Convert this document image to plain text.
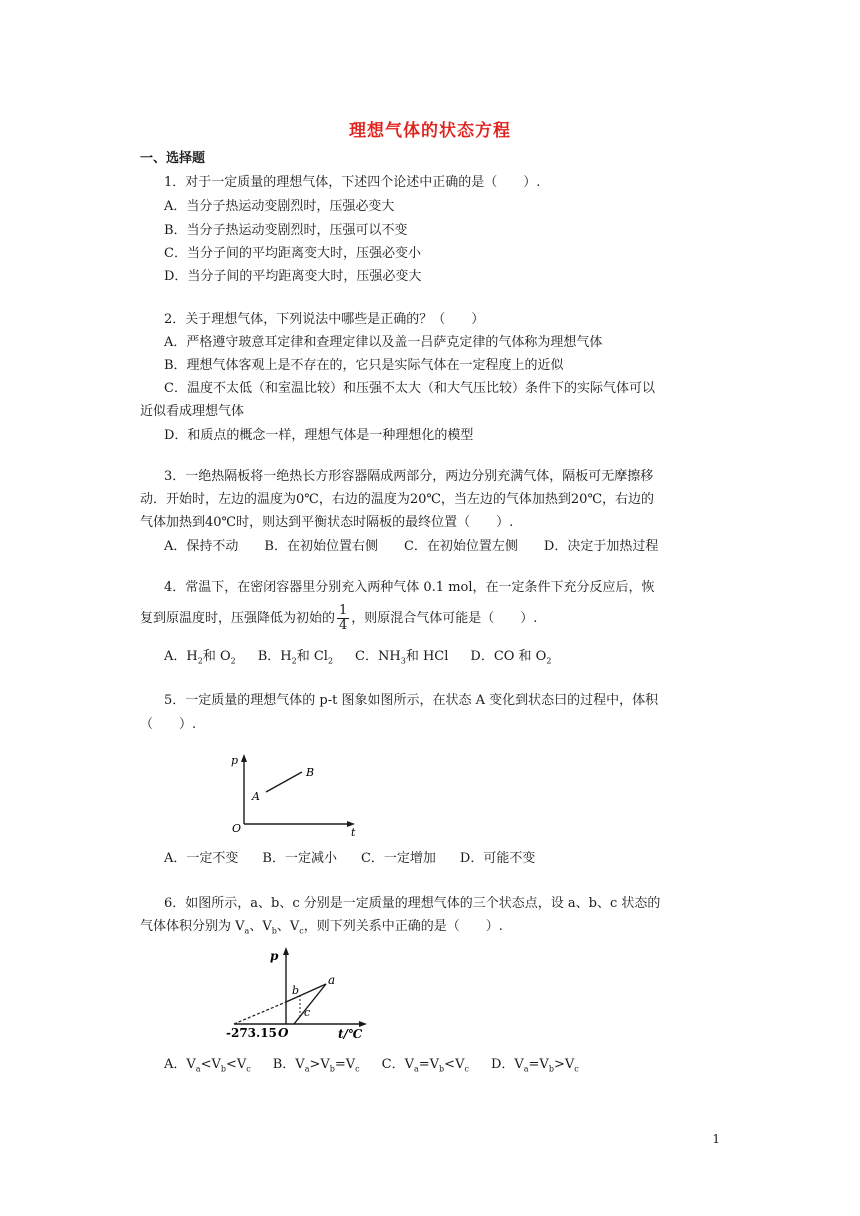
理想气体的状态方程
一、选择题
1．对于一定质量的理想气体，下述四个论述中正确的是（　　）.
A．当分子热运动变剧烈时，压强必变大
B．当分子热运动变剧烈时，压强可以不变
C．当分子间的平均距离变大时，压强必变小
D．当分子间的平均距离变大时，压强必变大
2．关于理想气体，下列说法中哪些是正确的？（　　）
A．严格遵守玻意耳定律和查理定律以及盖一吕萨克定律的气体称为理想气体
B．理想气体客观上是不存在的，它只是实际气体在一定程度上的近似
C．温度不太低（和室温比较）和压强不太大（和大气压比较）条件下的实际气体可以
近似看成理想气体
D．和质点的概念一样，理想气体是一种理想化的模型
3．一绝热隔板将一绝热长方形容器隔成两部分，两边分别充满气体，隔板可无摩擦移
动．开始时，左边的温度为0℃，右边的温度为20℃，当左边的气体加热到20℃，右边的
气体加热到40℃时，则达到平衡状态时隔板的最终位置（　　）.
A．保持不动 B．在初始位置右侧 C．在初始位置左侧 D．决定于加热过程
4．常温下，在密闭容器里分别充入两种气体 0.1 mol，在一定条件下充分反应后，恢
复到原温度时，压强降低为初始的 $\frac{1}{4}$ ，则原混合气体可能是（　　）.
A．$H_2$和 $O_2$ B．$H_2$和 $Cl_2$ C．$NH_3$和 HCl D．CO 和 $O_2$
5．一定质量的理想气体的 p-t 图象如图所示，在状态 A 变化到状态曰的过程中，体积
（　　）.
p
O	t
A
B
A．一定不变 B．一定减小 C．一定增加 D．可能不变
6．如图所示，a、b、c 分别是一定质量的理想气体的三个状态点，设 a、b、c 状态的
气体体积分别为 $V_a$、$V_b$、$V_c$，则下列关系中正确的是（　　）.
p
a
b
c
O
-273.15	t/℃
A．$V_a<V_b<V_c$ B．$V_a>V_b=V_c$ C．$V_a=V_b<V_c$ D．$V_a=V_b>V_c$
1
